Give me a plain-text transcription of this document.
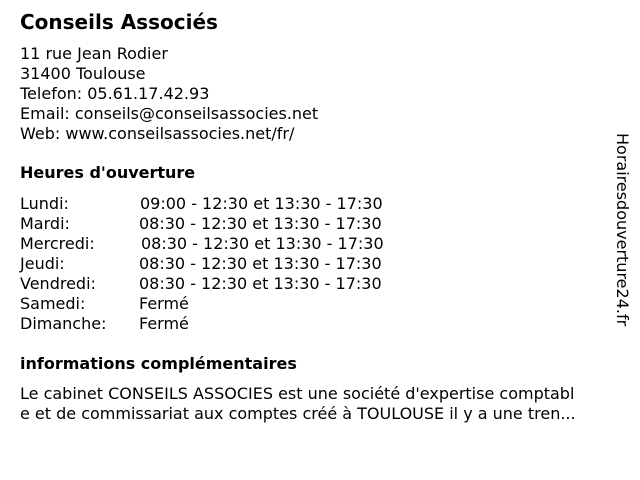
Conseils Associés
11 rue Jean Rodier
31400 Toulouse
Telefon: 05.61.17.42.93
Email: conseils@conseilsassocies.net
Web: www.conseilsassocies.net/fr/
Heures d'ouverture
Lundi:	09:00 - 12:30 et 13:30 - 17:30
Mardi:	08:30 - 12:30 et 13:30 - 17:30
Mercredi:	08:30 - 12:30 et 13:30 - 17:30
Jeudi:	08:30 - 12:30 et 13:30 - 17:30
Vendredi:	08:30 - 12:30 et 13:30 - 17:30
Samedi:	Fermé
Dimanche: Fermé
informations complémentaires
Le cabinet CONSEILS ASSOCIES est une société d'expertise comptabl
e et de commissariat aux comptes créé à TOULOUSE il y a une tren...
Horairesdouverture24.fr
